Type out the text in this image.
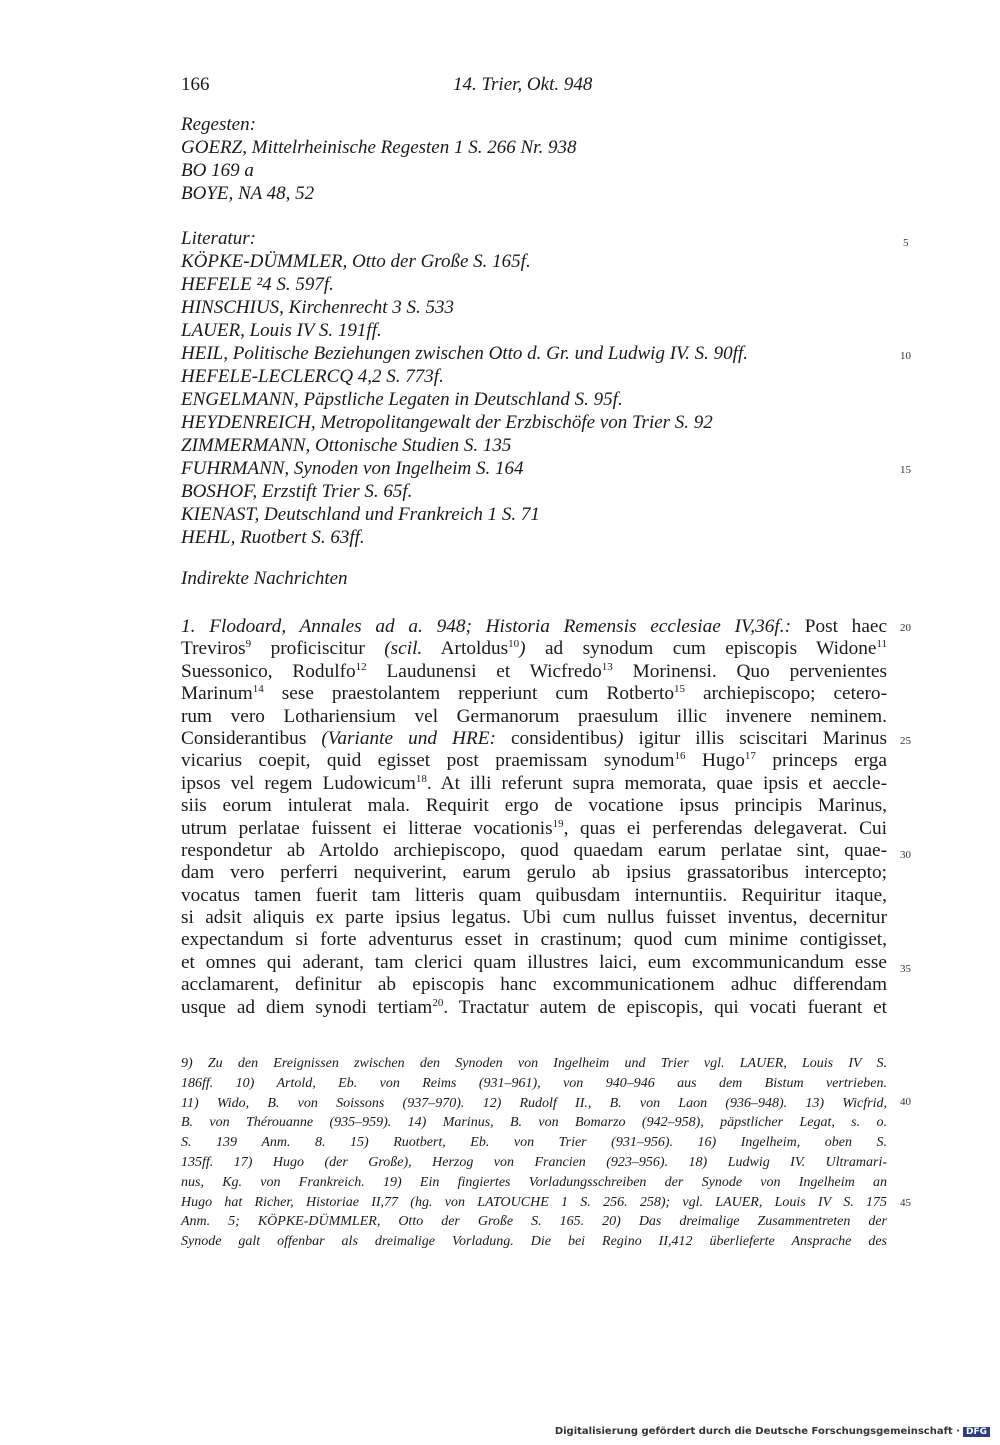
166	14. Trier, Okt. 948
Regesten:
GOERZ, Mittelrheinische Regesten 1 S. 266 Nr. 938
BO 169 a
BOYE, NA 48, 52
Literatur:
KÖPKE-DÜMMLER, Otto der Große S. 165f.
HEFELE ²4 S. 597f.
HINSCHIUS, Kirchenrecht 3 S. 533
LAUER, Louis IV S. 191ff.
HEIL, Politische Beziehungen zwischen Otto d. Gr. und Ludwig IV. S. 90ff.
HEFELE-LECLERCQ 4,2 S. 773f.
ENGELMANN, Päpstliche Legaten in Deutschland S. 95f.
HEYDENREICH, Metropolitangewalt der Erzbischöfe von Trier S. 92
ZIMMERMANN, Ottonische Studien S. 135
FUHRMANN, Synoden von Ingelheim S. 164
BOSHOF, Erzstift Trier S. 65f.
KIENAST, Deutschland und Frankreich 1 S. 71
HEHL, Ruotbert S. 63ff.
Indirekte Nachrichten
1. Flodoard, Annales ad a. 948; Historia Remensis ecclesiae IV,36f.: Post haec
Treviros$^9$ proficiscitur (scil. Artoldus$^{10}$) ad synodum cum episcopis Widone$^{11}$
Suessonico, Rodulfo$^{12}$ Laudunensi et Wicfredo$^{13}$ Morinensi. Quo pervenientes
Marinum$^{14}$ sese praestolantem repperiunt cum Rotberto$^{15}$ archiepiscopo; cetero-
rum vero Lothariensium vel Germanorum praesulum illic invenere neminem.
Considerantibus (Variante und HRE: considentibus) igitur illis sciscitari Marinus
vicarius coepit, quid egisset post praemissam synodum$^{16}$ Hugo$^{17}$ princeps erga
ipsos vel regem Ludowicum$^{18}$. At illi referunt supra memorata, quae ipsis et aeccle-
siis eorum intulerat mala. Requirit ergo de vocatione ipsus principis Marinus,
utrum perlatae fuissent ei litterae vocationis$^{19}$, quas ei perferendas delegaverat. Cui
respondetur ab Artoldo archiepiscopo, quod quaedam earum perlatae sint, quae-
dam vero perferri nequiverint, earum gerulo ab ipsius grassatoribus intercepto;
vocatus tamen fuerit tam litteris quam quibusdam internuntiis. Requiritur itaque,
si adsit aliquis ex parte ipsius legatus. Ubi cum nullus fuisset inventus, decernitur
expectandum si forte adventurus esset in crastinum; quod cum minime contigisset,
et omnes qui aderant, tam clerici quam illustres laici, eum excommunicandum esse
acclamarent, definitur ab episcopis hanc excommunicationem adhuc differendam
usque ad diem synodi tertiam$^{20}$. Tractatur autem de episcopis, qui vocati fuerant et
5
10
15
20
25
30
35
40
45
9) Zu den Ereignissen zwischen den Synoden von Ingelheim und Trier vgl. LAUER, Louis IV S.
186ff. 10) Artold, Eb. von Reims (931–961), von 940–946 aus dem Bistum vertrieben.
11) Wido, B. von Soissons (937–970). 12) Rudolf II., B. von Laon (936–948). 13) Wicfrid,
B. von Thérouanne (935–959). 14) Marinus, B. von Bomarzo (942–958), päpstlicher Legat, s. o.
S. 139 Anm. 8. 15) Ruotbert, Eb. von Trier (931–956). 16) Ingelheim, oben S.
135ff. 17) Hugo (der Große), Herzog von Francien (923–956). 18) Ludwig IV. Ultramari-
nus, Kg. von Frankreich. 19) Ein fingiertes Vorladungsschreiben der Synode von Ingelheim an
Hugo hat Richer, Historiae II,77 (hg. von LATOUCHE 1 S. 256. 258); vgl. LAUER, Louis IV S. 175
Anm. 5; KÖPKE-DÜMMLER, Otto der Große S. 165. 20) Das dreimalige Zusammentreten der
Synode galt offenbar als dreimalige Vorladung. Die bei Regino II,412 überlieferte Ansprache des
Digitalisierung gefördert durch die Deutsche Forschungsgemeinschaft · DFG
